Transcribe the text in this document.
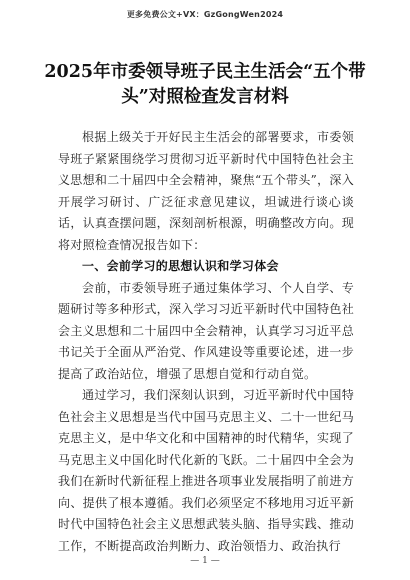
更多免费公文+VX：GzGongWen2024
2025年市委领导班子民主生活会“五个带头”对照检查发言材料

根据上级关于开好民主生活会的部署要求，市委领导班子紧紧围绕学习贯彻习近平新时代中国特色社会主义思想和二十届四中全会精神，聚焦“五个带头”，深入开展学习研讨、广泛征求意见建议，坦诚进行谈心谈话，认真查摆问题，深刻剖析根源，明确整改方向。现将对照检查情况报告如下：

一、会前学习的思想认识和学习体会

会前，市委领导班子通过集体学习、个人自学、专题研讨等多种形式，深入学习习近平新时代中国特色社会主义思想和二十届四中全会精神，认真学习习近平总书记关于全面从严治党、作风建设等重要论述，进一步提高了政治站位，增强了思想自觉和行动自觉。

通过学习，我们深刻认识到，习近平新时代中国特色社会主义思想是当代中国马克思主义、二十一世纪马克思主义，是中华文化和中国精神的时代精华，实现了马克思主义中国化时代化新的飞跃。二十届四中全会为我们在新时代新征程上推进各项事业发展指明了前进方向、提供了根本遵循。我们必须坚定不移地用习近平新时代中国特色社会主义思想武装头脑、指导实践、推动工作，不断提高政治判断力、政治领悟力、政治执行

— 1 —
